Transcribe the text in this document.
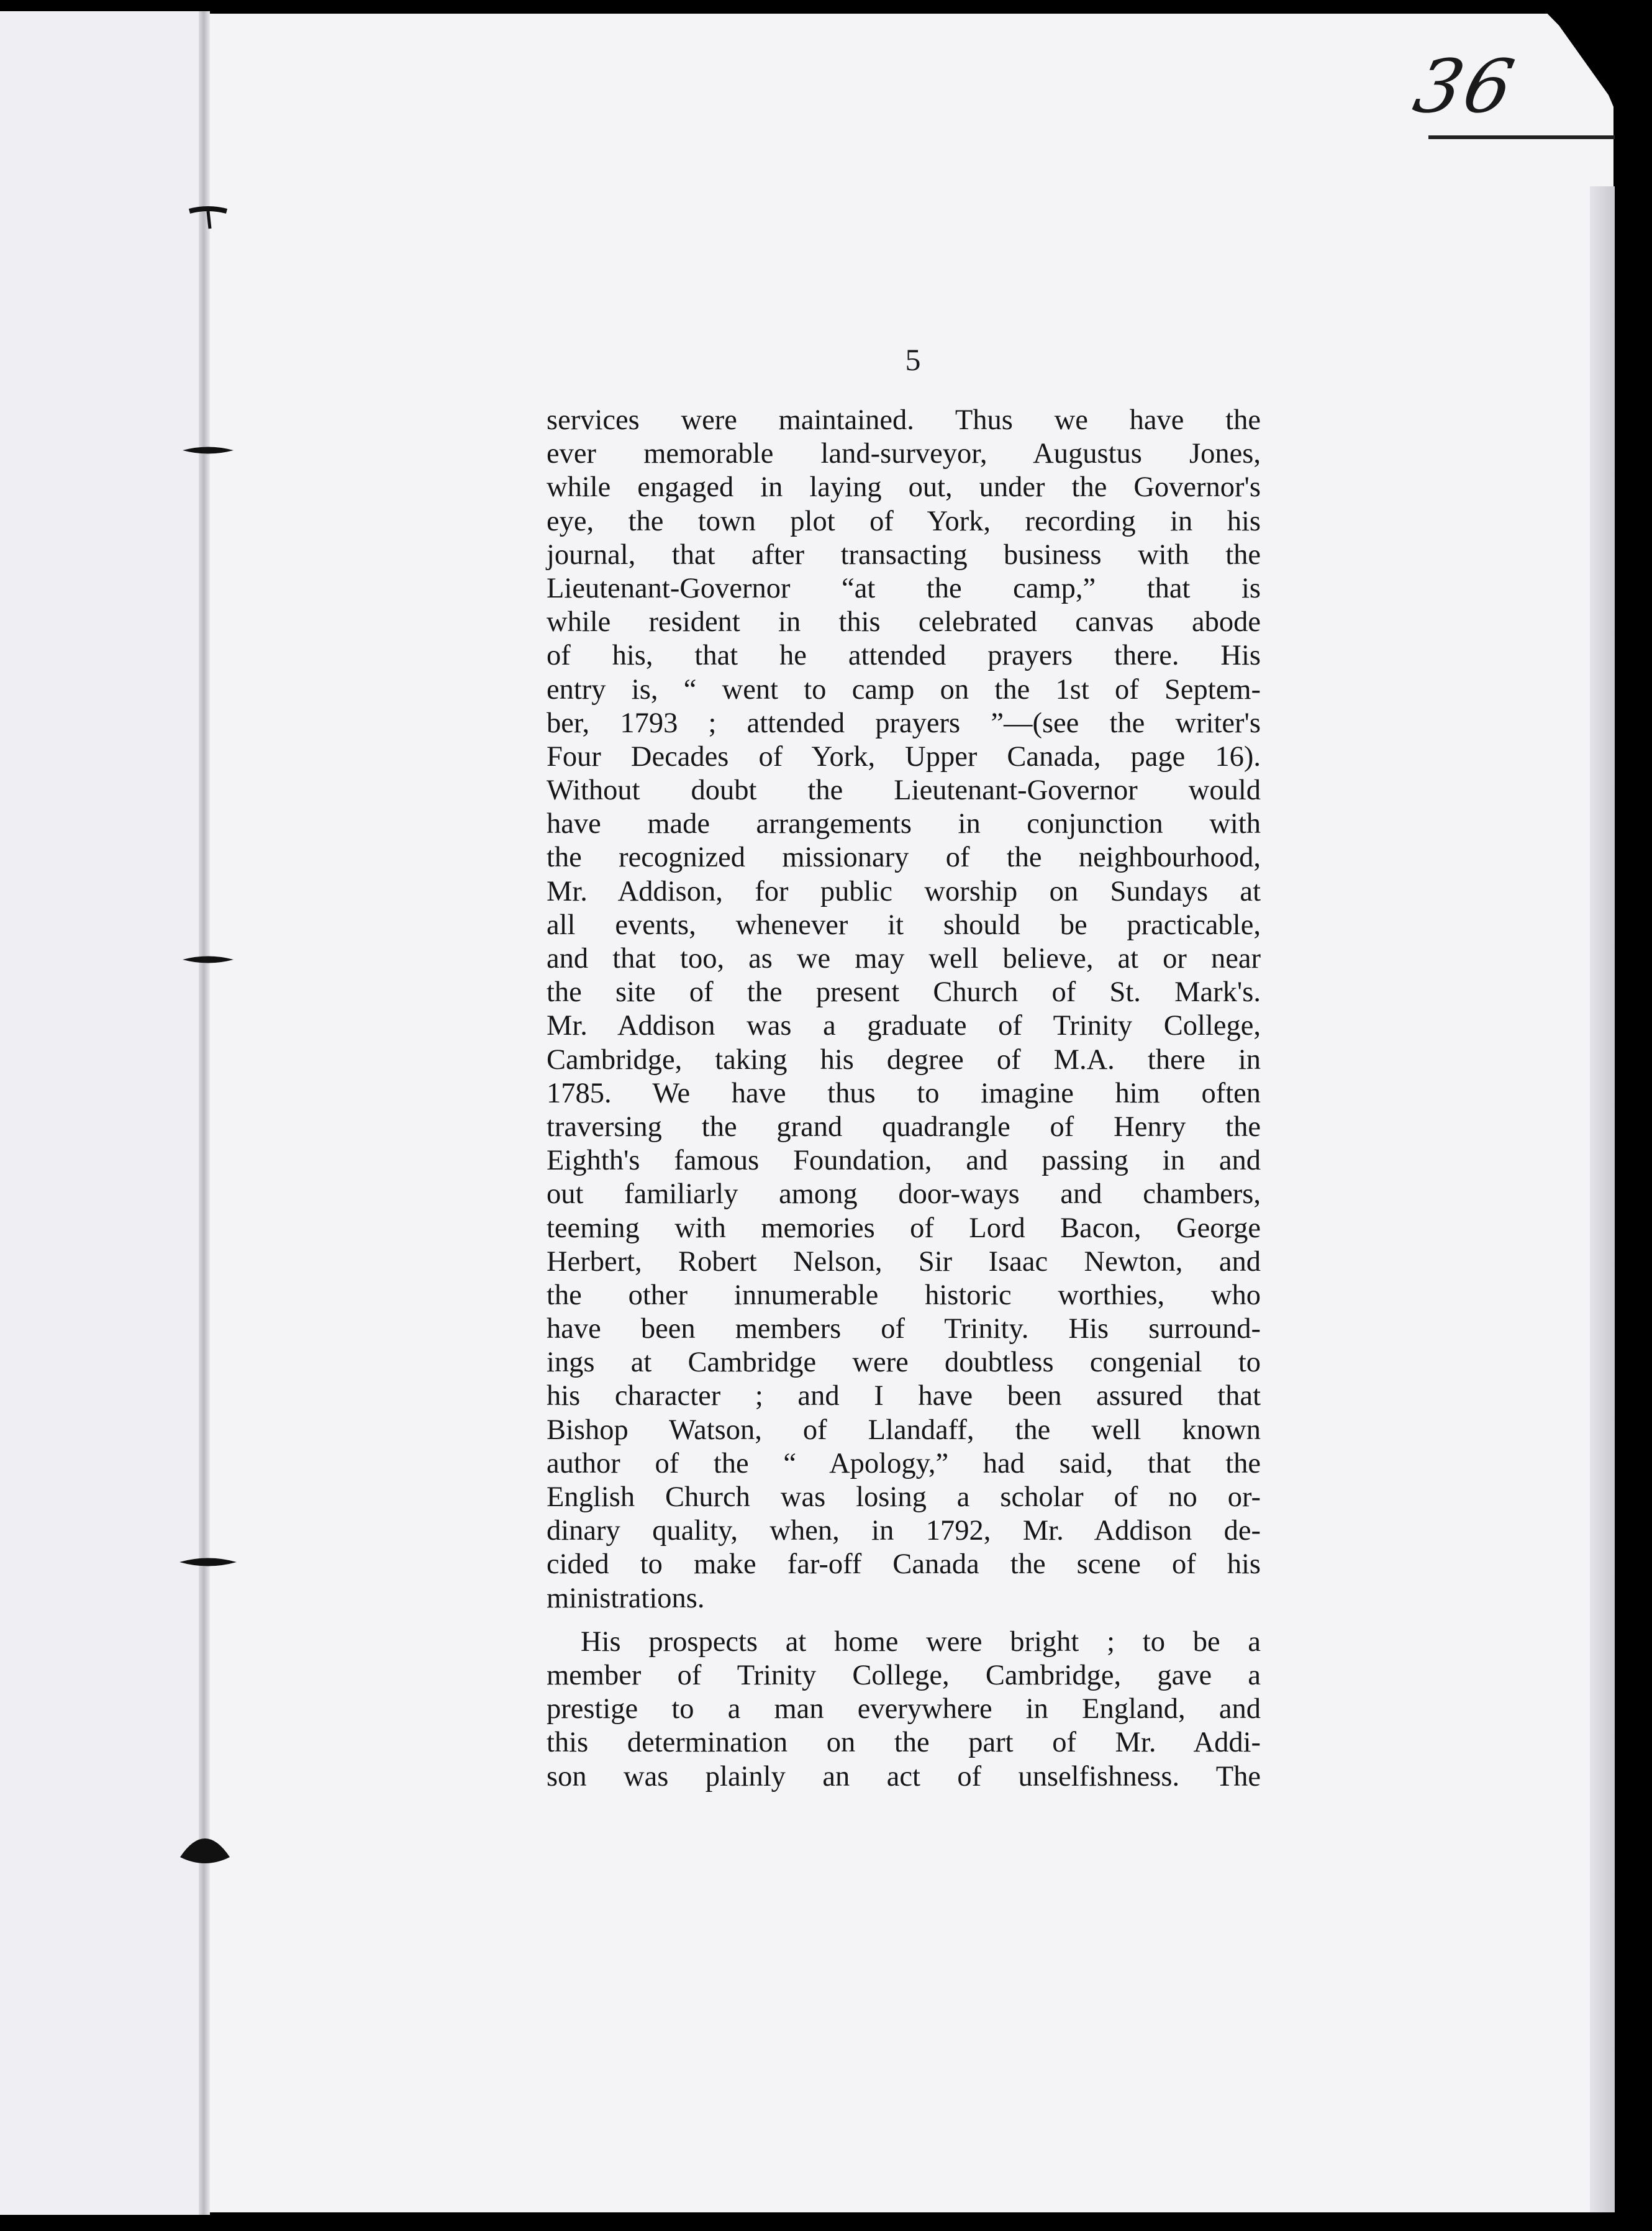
36
5
services were maintained. Thus we have the
ever memorable land-surveyor, Augustus Jones,
while engaged in laying out, under the Governor's
eye, the town plot of York, recording in his
journal, that after transacting business with the
Lieutenant-Governor “at the camp,” that is
while resident in this celebrated canvas abode
of his, that he attended prayers there. His
entry is, “ went to camp on the 1st of Septem-
ber, 1793 ; attended prayers ”—(see the writer's
Four Decades of York, Upper Canada, page 16).
Without doubt the Lieutenant-Governor would
have made arrangements in conjunction with
the recognized missionary of the neighbourhood,
Mr. Addison, for public worship on Sundays at
all events, whenever it should be practicable,
and that too, as we may well believe, at or near
the site of the present Church of St. Mark's.
Mr. Addison was a graduate of Trinity College,
Cambridge, taking his degree of M.A. there in
1785. We have thus to imagine him often
traversing the grand quadrangle of Henry the
Eighth's famous Foundation, and passing in and
out familiarly among door-ways and chambers,
teeming with memories of Lord Bacon, George
Herbert, Robert Nelson, Sir Isaac Newton, and
the other innumerable historic worthies, who
have been members of Trinity. His surround-
ings at Cambridge were doubtless congenial to
his character ; and I have been assured that
Bishop Watson, of Llandaff, the well known
author of the “ Apology,” had said, that the
English Church was losing a scholar of no or-
dinary quality, when, in 1792, Mr. Addison de-
cided to make far-off Canada the scene of his
ministrations.
His prospects at home were bright ; to be a
member of Trinity College, Cambridge, gave a
prestige to a man everywhere in England, and
this determination on the part of Mr. Addi-
son was plainly an act of unselfishness. The
